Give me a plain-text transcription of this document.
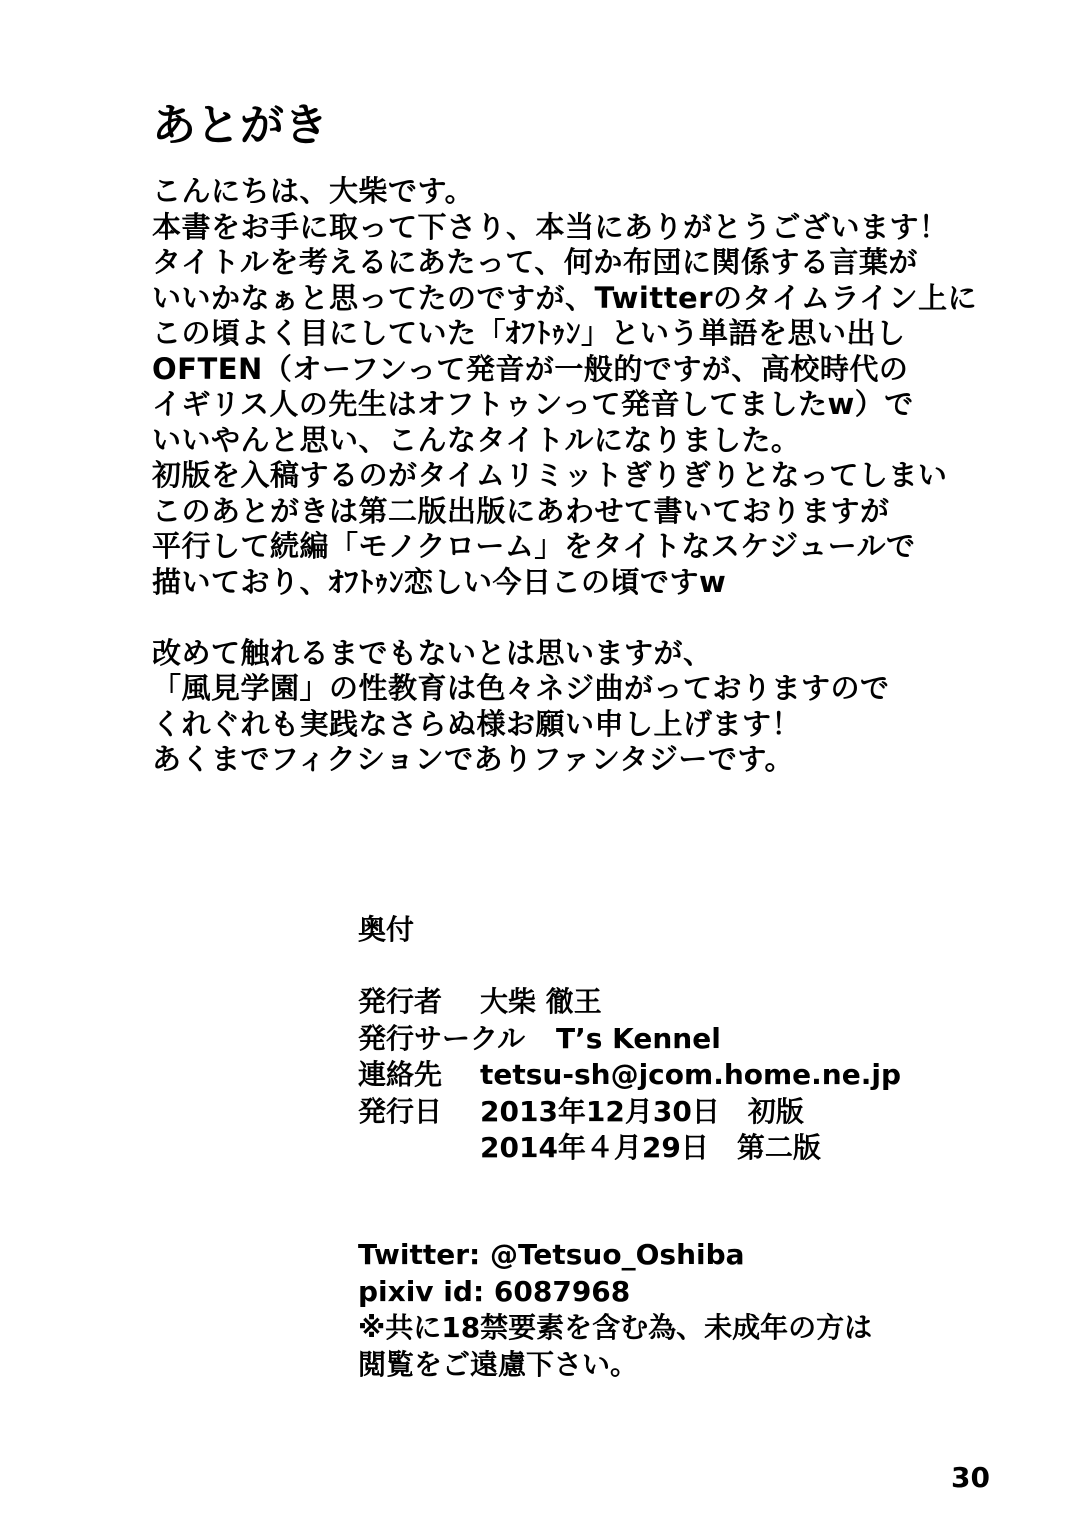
あとがき
こんにちは、大柴です。
本書をお手に取って下さり、本当にありがとうございます！
タイトルを考えるにあたって、何か布団に関係する言葉が
いいかなぁと思ってたのですが、Twitterのタイムライン上に
この頃よく目にしていた「ｵﾌﾄｩﾝ」という単語を思い出し
OFTEN（オーフンって発音が一般的ですが、高校時代の
イギリス人の先生はオフトゥンって発音してましたw）で
いいやんと思い、こんなタイトルになりました。
初版を入稿するのがタイムリミットぎりぎりとなってしまい
このあとがきは第二版出版にあわせて書いておりますが
平行して続編「モノクローム」をタイトなスケジュールで
描いており、ｵﾌﾄｩﾝ恋しい今日この頃ですw
改めて触れるまでもないとは思いますが、
「風見学園」の性教育は色々ネジ曲がっておりますので
くれぐれも実践なさらぬ様お願い申し上げます！
あくまでフィクションでありファンタジーです。
奥付
発行者	大柴 徹王
発行サークル	T’s Kennel
連絡先	tetsu-sh@jcom.home.ne.jp
発行日	2013年12月30日　初版
2014年４月29日　第二版
Twitter: @Tetsuo_Oshiba
pixiv id: 6087968
※共に18禁要素を含む為、未成年の方は
閲覧をご遠慮下さい。
30
